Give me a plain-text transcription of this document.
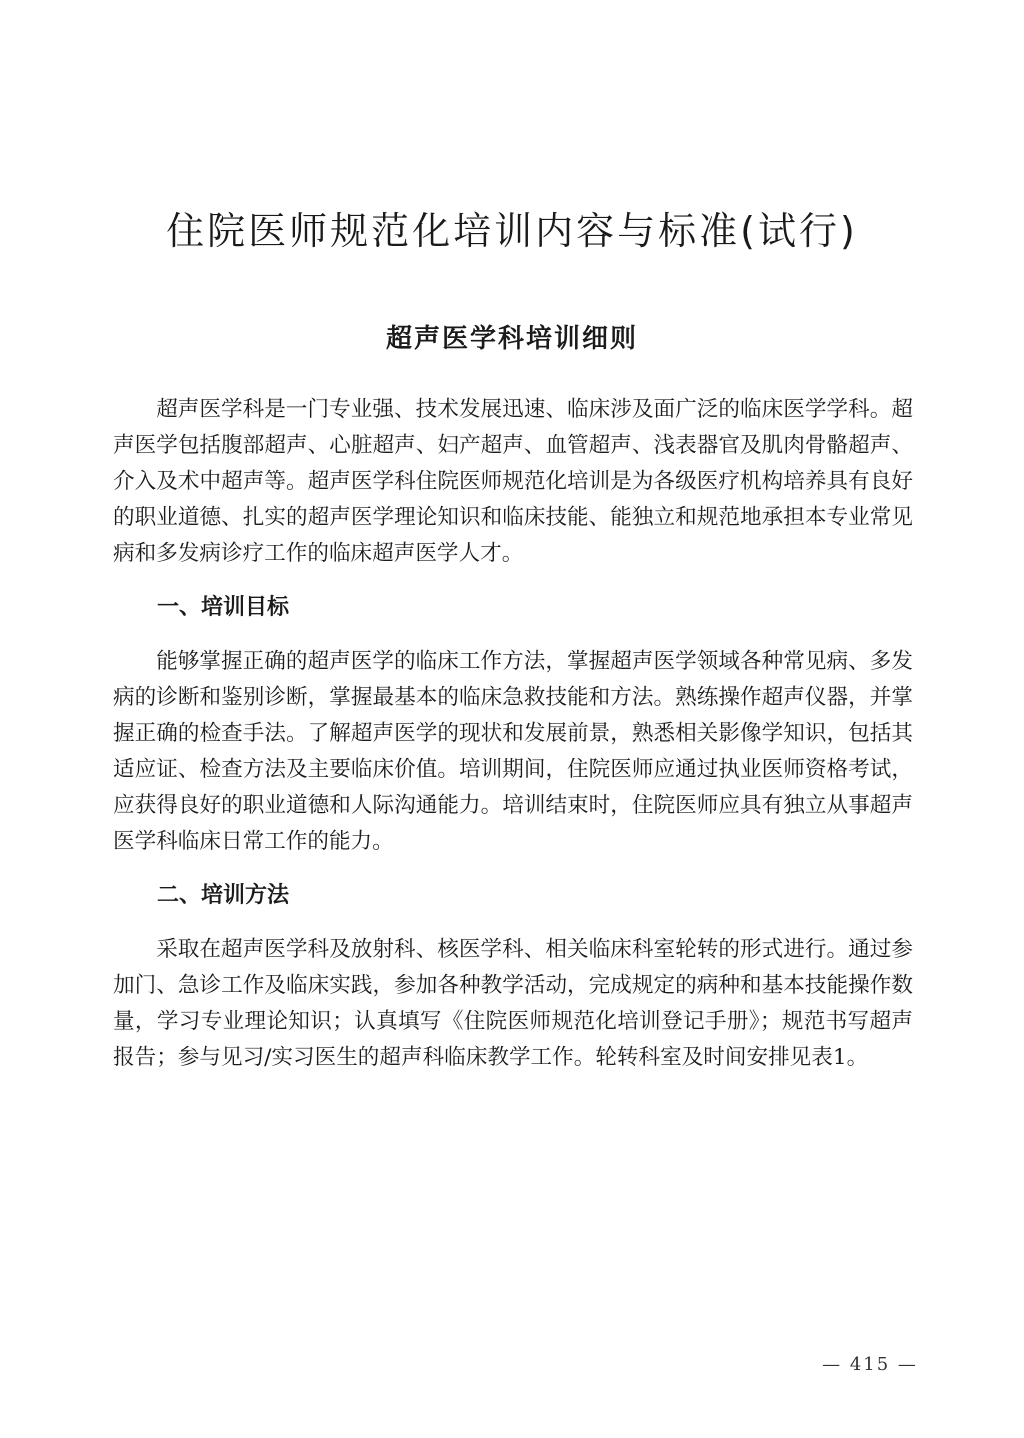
住院医师规范化培训内容与标准(试行)
超声医学科培训细则

超声医学科是一门专业强、技术发展迅速、临床涉及面广泛的临床医学学科。超声医学包括腹部超声、心脏超声、妇产超声、血管超声、浅表器官及肌肉骨骼超声、介入及术中超声等。超声医学科住院医师规范化培训是为各级医疗机构培养具有良好的职业道德、扎实的超声医学理论知识和临床技能、能独立和规范地承担本专业常见病和多发病诊疗工作的临床超声医学人才。

一、培训目标

能够掌握正确的超声医学的临床工作方法，掌握超声医学领域各种常见病、多发病的诊断和鉴别诊断，掌握最基本的临床急救技能和方法。熟练操作超声仪器，并掌握正确的检查手法。了解超声医学的现状和发展前景，熟悉相关影像学知识，包括其适应证、检查方法及主要临床价值。培训期间，住院医师应通过执业医师资格考试，应获得良好的职业道德和人际沟通能力。培训结束时，住院医师应具有独立从事超声医学科临床日常工作的能力。

二、培训方法

采取在超声医学科及放射科、核医学科、相关临床科室轮转的形式进行。通过参加门、急诊工作及临床实践，参加各种教学活动，完成规定的病种和基本技能操作数量，学习专业理论知识；认真填写《住院医师规范化培训登记手册》；规范书写超声报告；参与见习/实习医生的超声科临床教学工作。轮转科室及时间安排见表1。

— 415 —
